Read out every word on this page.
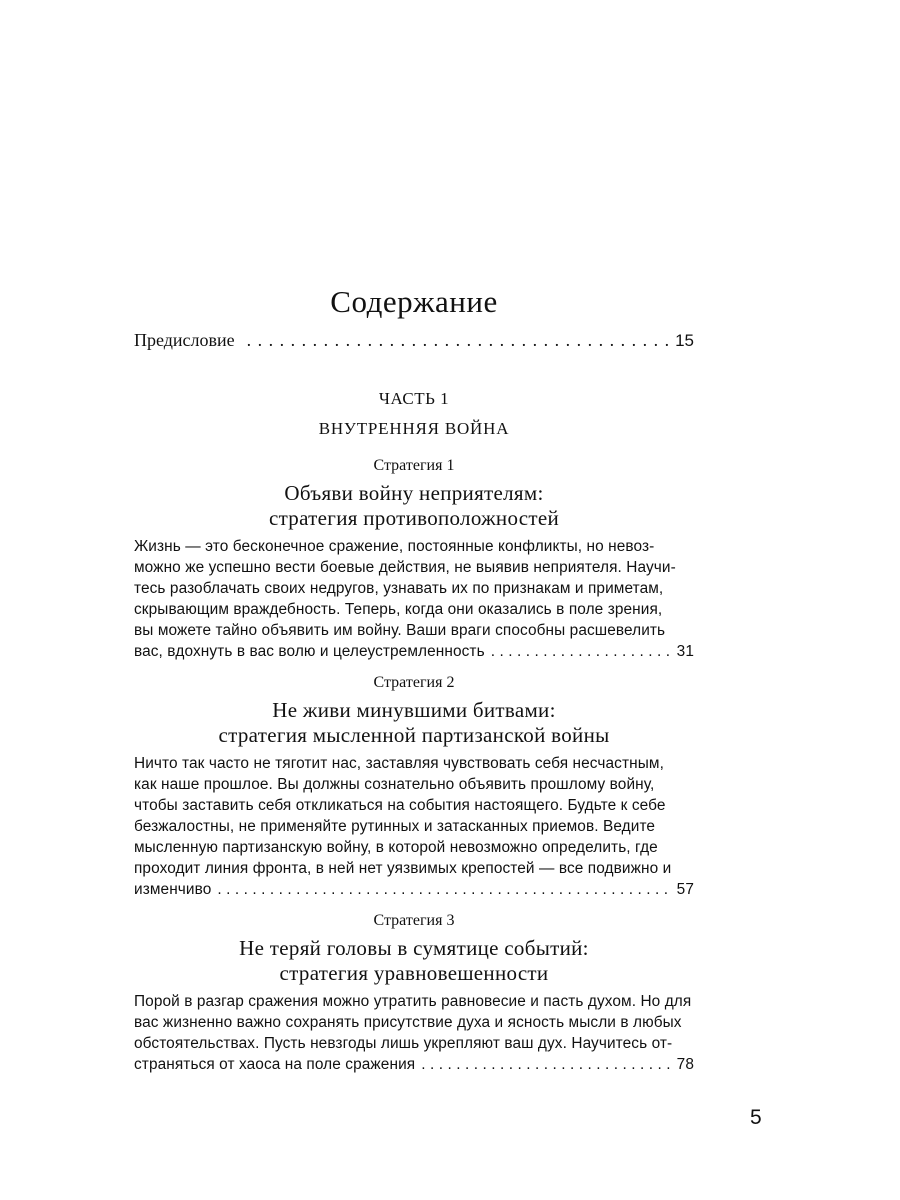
Содержание
Предисловие . . .	15
ЧАСТЬ 1
ВНУТРЕННЯЯ ВОЙНА
Стратегия 1
Объяви войну неприятелям:
стратегия противоположностей
Жизнь — это бесконечное сражение, постоянные конфликты, но невоз-
можно же успешно вести боевые действия, не выявив неприятеля. Научи-
тесь разоблачать своих недругов, узнавать их по признакам и приметам,
скрывающим враждебность. Теперь, когда они оказались в поле зрения,
вы можете тайно объявить им войну. Ваши враги способны расшевелить
вас, вдохнуть в вас волю и целеустремленность . . .	31
Стратегия 2
Не живи минувшими битвами:
стратегия мысленной партизанской войны
Ничто так часто не тяготит нас, заставляя чувствовать себя несчастным,
как наше прошлое. Вы должны сознательно объявить прошлому войну,
чтобы заставить себя откликаться на события настоящего. Будьте к себе
безжалостны, не применяйте рутинных и затасканных приемов. Ведите
мысленную партизанскую войну, в которой невозможно определить, где
проходит линия фронта, в ней нет уязвимых крепостей — все подвижно и
изменчиво . . .	57
Стратегия 3
Не теряй головы в сумятице событий:
стратегия уравновешенности
Порой в разгар сражения можно утратить равновесие и пасть духом. Но для
вас жизненно важно сохранять присутствие духа и ясность мысли в любых
обстоятельствах. Пусть невзгоды лишь укрепляют ваш дух. Научитесь от-
страняться от хаоса на поле сражения . . .	78
5
